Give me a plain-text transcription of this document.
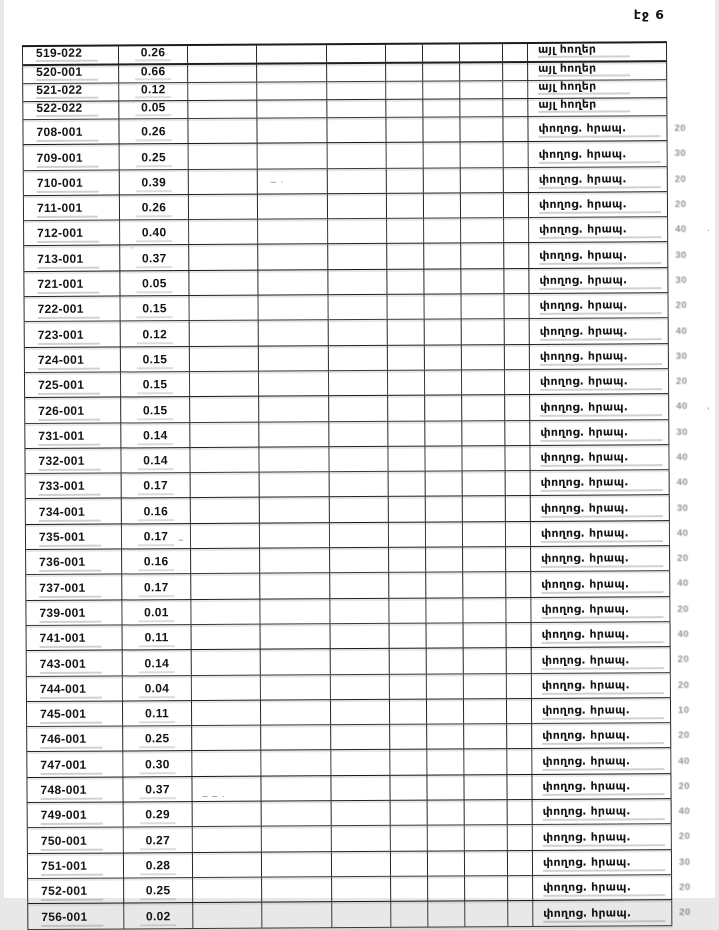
էջ 6
519-022	0.26	այլ հողեր
520-001	0.66	այլ հողեր
521-022	0.12	այլ հողեր
522-022	0.05	այլ հողեր
708-001	0.26	փողոց. հրապ.	20
709-001	0.25	փողոց. հրապ.	30
710-001	0.39	փողոց. հրապ.	20
711-001	0.26	փողոց. հրապ.	20
712-001	0.40	փողոց. հրապ.	40
713-001	0.37	փողոց. հրապ.	30
721-001	0.05	փողոց. հրապ.	30
722-001	0.15	փողոց. հրապ.	20
723-001	0.12	փողոց. հրապ.	40
724-001	0.15	փողոց. հրապ.	30
725-001	0.15	փողոց. հրապ.	20
726-001	0.15	փողոց. հրապ.	40
731-001	0.14	փողոց. հրապ.	30
732-001	0.14	փողոց. հրապ.	40
733-001	0.17	փողոց. հրապ.	40
734-001	0.16	փողոց. հրապ.	30
735-001	0.17	փողոց. հրապ.	40
736-001	0.16	փողոց. հրապ.	20
737-001	0.17	փողոց. հրապ.	40
739-001	0.01	փողոց. հրապ.	20
741-001	0.11	փողոց. հրապ.	40
743-001	0.14	փողոց. հրապ.	20
744-001	0.04	փողոց. հրապ.	20
745-001	0.11	փողոց. հրապ.	10
746-001	0.25	փողոց. հրապ.	20
747-001	0.30	փողոց. հրապ.	40
748-001	0.37	փողոց. հրապ.	20
749-001	0.29	փողոց. հրապ.	40
750-001	0.27	փողոց. հրապ.	20
751-001	0.28	փողոց. հրապ.	30
752-001	0.25	փողոց. հրապ.	20
756-001	0.02	փողոց. հրապ.	20
·
– ·
.
~
’
– – ·
